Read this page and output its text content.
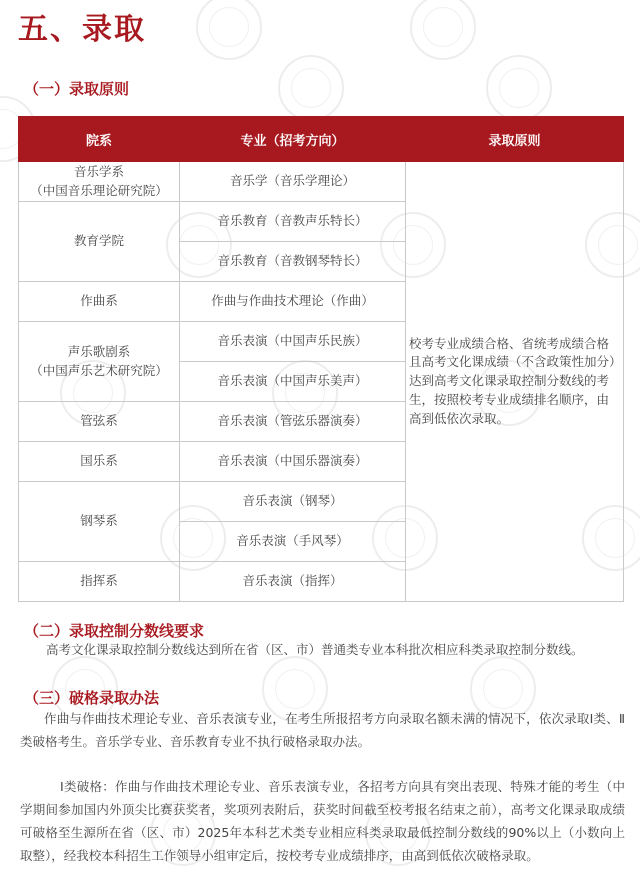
五、录取
（一）录取原则
院系	专业（招考方向）	录取原则

音乐学系
（中国音乐理论研究院）	音乐学（音乐学理论）	校考专业成绩合格、省统考成绩合格且高考文化课成绩（不含政策性加分）达到高考文化课录取控制分数线的考生，按照校考专业成绩排名顺序，由高到低依次录取。

教育学院	音乐教育（音教声乐特长）	
	音乐教育（音教钢琴特长）	

作曲系	作曲与作曲技术理论（作曲）	

声乐歌剧系
（中国声乐艺术研究院）	音乐表演（中国声乐民族）	
	音乐表演（中国声乐美声）	

管弦系	音乐表演（管弦乐器演奏）	

国乐系	音乐表演（中国乐器演奏）	

钢琴系	音乐表演（钢琴）	
	音乐表演（手风琴）	

指挥系	音乐表演（指挥）	
（二）录取控制分数线要求

高考文化课录取控制分数线达到所在省（区、市）普通类专业本科批次相应科类录取控制分数线。

（三）破格录取办法

作曲与作曲技术理论专业、音乐表演专业，在考生所报招考方向录取名额未满的情况下，依次录取Ⅰ类、Ⅱ类破格考生。音乐学专业、音乐教育专业不执行破格录取办法。

Ⅰ类破格：作曲与作曲技术理论专业、音乐表演专业，各招考方向具有突出表现、特殊才能的考生（中学期间参加国内外顶尖比赛获奖者，奖项列表附后，获奖时间截至校考报名结束之前），高考文化课录取成绩可破格至生源所在省（区、市）2025年本科艺术类专业相应科类录取最低控制分数线的90%以上（小数向上取整），经我校本科招生工作领导小组审定后，按校考专业成绩排序，由高到低依次破格录取。
